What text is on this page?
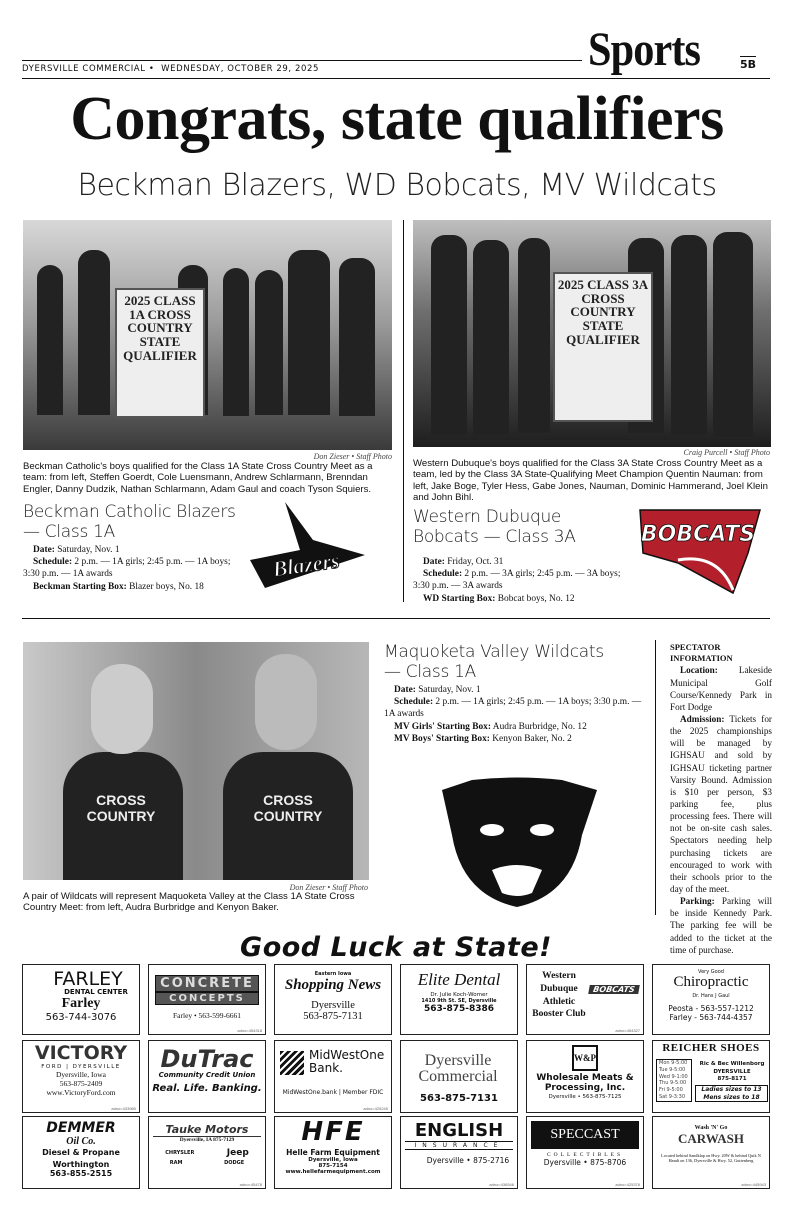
DYERSVILLE COMMERCIAL • WEDNESDAY, OCTOBER 29, 2025	Sports	5B
Congrats, state qualifiers
Beckman Blazers, WD Bobcats, MV Wildcats
2025 CLASS 1A CROSS COUNTRY STATE QUALIFIER
Don Zieser • Staff Photo
Beckman Catholic's boys qualified for the Class 1A State Cross Country Meet as a team: from left, Steffen Goerdt, Cole Luensmann, Andrew Schlarmann, Brenndan Engler, Danny Dudzik, Nathan Schlarmann, Adam Gaul and coach Tyson Squiers.
Beckman Catholic Blazers — Class 1A

Date: Saturday, Nov. 1

Schedule: 2 p.m. — 1A girls; 2:45 p.m. — 1A boys; 3:30 p.m. — 1A awards

Beckman Starting Box: Blazer boys, No. 18

Blazers
2025 CLASS 3A CROSS COUNTRY STATE QUALIFIER
Craig Purcell • Staff Photo
Western Dubuque's boys qualified for the Class 3A State Cross Country Meet as a team, led by the Class 3A State-Qualifying Meet Champion Quentin Nauman: from left, Jake Boge, Tyler Hess, Gabe Jones, Nauman, Dominic Hammerand, Joel Klein and John Bihl.
Western Dubuque Bobcats — Class 3A

Date: Friday, Oct. 31

Schedule: 2 p.m. — 3A girls; 2:45 p.m. — 3A boys; 3:30 p.m. — 3A awards

WD Starting Box: Bobcat boys, No. 12

BOBCATS
CROSS COUNTRY
CROSS COUNTRY
Don Zieser • Staff Photo
A pair of Wildcats will represent Maquoketa Valley at the Class 1A State Cross Country Meet: from left, Audra Burbridge and Kenyon Baker.
Maquoketa Valley Wildcats — Class 1A

Date: Saturday, Nov. 1

Schedule: 2 p.m. — 1A girls; 2:45 p.m. — 1A boys; 3:30 p.m. — 1A awards

MV Girls' Starting Box: Audra Burbridge, No. 12

MV Boys' Starting Box: Kenyon Baker, No. 2

SPECTATOR INFORMATION

Location: Lakeside Municipal Golf Course/Kennedy Park in Fort Dodge

Admission: Tickets for the 2025 championships will be managed by IGHSAU and sold by IGHSAU ticketing partner Varsity Bound. Admission is $10 per person, $3 parking fee, plus processing fees. There will not be on-site cash sales. Spectators needing help purchasing tickets are encouraged to work with their schools prior to the day of the meet.

Parking: Parking will be inside Kennedy Park. The parking fee will be added to the ticket at the time of purchase.

Good Luck at State!
FARLEY
DENTAL CENTER
Farley
563-744-3076
CONCRETE
CONCEPTS
Farley • 563-599-6661
adno=454318
Eastern Iowa
Shopping News
Dyersville
563-875-7131
Elite Dental
Dr. Julie Koch-Womer
1410 9th St. SE, Dyersville
563-875-8386
Western Dubuque Athletic Booster Club
BOBCATS
adno=454327
Very Good
Chiropractic
Dr. Hans J Gaul
Peosta - 563-557-1212
Farley - 563-744-4357
VICTORY
FORD | DYERSVILLE
Dyersville, Iowa
563-875-2409
www.VictoryFord.com
adno=433980
DuTrac
Community Credit Union
Real. Life. Banking.
MidWestOne Bank.
MidWestOne.bank | Member FDIC
adno=425245
Dyersville Commercial
563-875-7131
W&P
Wholesale Meats & Processing, Inc.
Dyersville • 563-875-7125
REICHER SHOES
Mon 9-5:00
Tue 9-5:00
Wed 9-1:00
Thu 9-5:00
Fri 9-5:00
Sat 9-3:30
Ric & Bec Willenborg
DYERSVILLE
875-8171
Ladies sizes to 13
Mens sizes to 18
DEMMER
Oil Co.
Diesel & Propane
Worthington
563-855-2515
Tauke Motors
Dyersville, IA 875-7129
CHRYSLER	Jeep
RAM	DODGE
adno=45478
HFE
Helle Farm Equipment
Dyersville, Iowa
875-7154
www.hellefarmequipment.com
ENGLISH
INSURANCE
Dyersville • 875-2716
adno=436546
SPECCAST
COLLECTIBLES
Dyersville • 875-8706
adno=425376
Wash 'N' Go
CARWASH
Located behind Sandklap on Hwy. 20W & behind Quik N Handi on 136, Dyersville & Hwy. 52, Guttenberg
adno=445943
